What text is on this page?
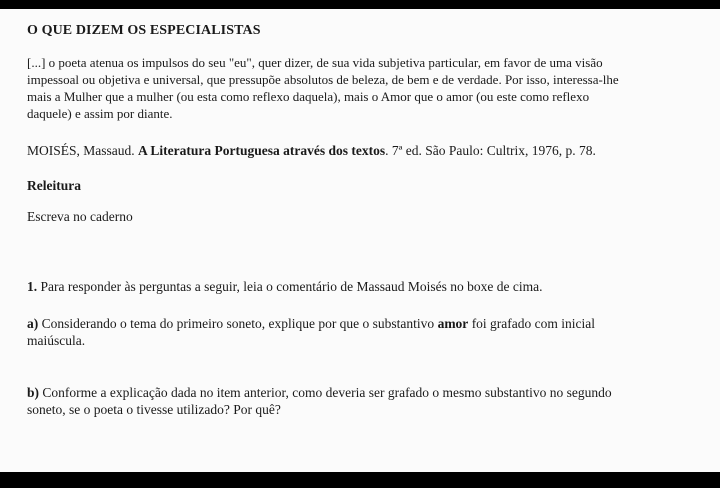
O QUE DIZEM OS ESPECIALISTAS
[...] o poeta atenua os impulsos do seu "eu", quer dizer, de sua vida subjetiva particular, em favor de uma visão
impessoal ou objetiva e universal, que pressupõe absolutos de beleza, de bem e de verdade. Por isso, interessa-lhe
mais a Mulher que a mulher (ou esta como reflexo daquela), mais o Amor que o amor (ou este como reflexo
daquele) e assim por diante.
MOISÉS, Massaud. A Literatura Portuguesa através dos textos. 7ª ed. São Paulo: Cultrix, 1976, p. 78.
Releitura
Escreva no caderno
1. Para responder às perguntas a seguir, leia o comentário de Massaud Moisés no boxe de cima.
a) Considerando o tema do primeiro soneto, explique por que o substantivo amor foi grafado com inicial
maiúscula.
b) Conforme a explicação dada no item anterior, como deveria ser grafado o mesmo substantivo no segundo
soneto, se o poeta o tivesse utilizado? Por quê?
